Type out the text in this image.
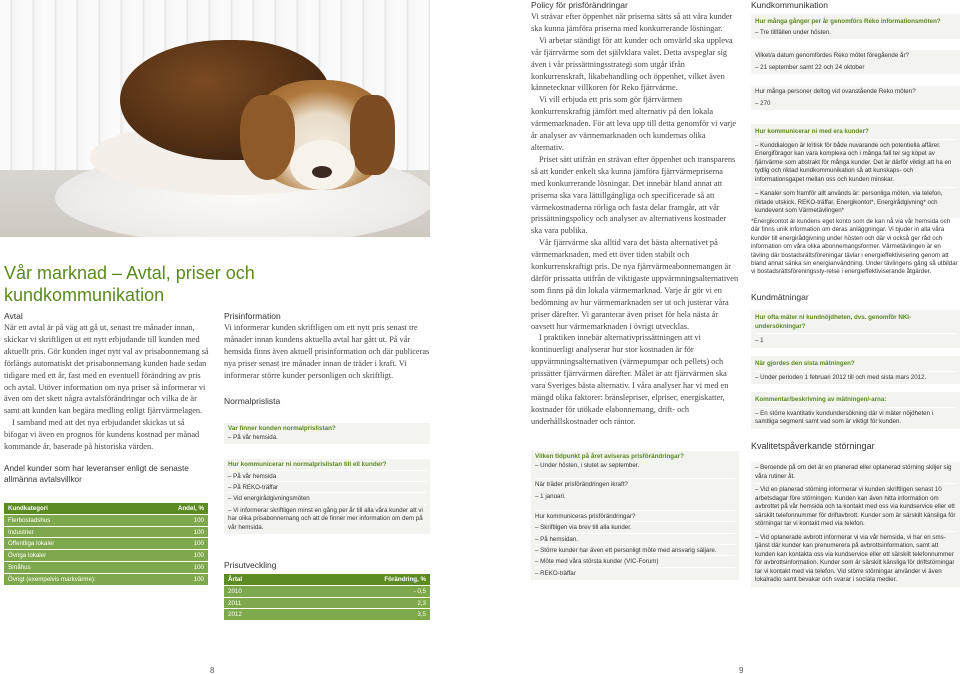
Vår marknad – Avtal, priser och kundkommunikation
Avtal
När ett avtal är på väg att gå ut, senast tre månader innan, skickar vi skriftligen ut ett nytt erbjudande till kunden med aktuellt pris. Gör kunden inget nytt val av prisabonnemang så förlängs automatiskt det prisabonnemang kunden hade sedan tidigare med ett år, fast med en eventuell förändring av pris och avtal. Utöver information om nya priser så informerar vi även om det skett några avtalsförändringar och vilka de är samt att kunden kan begära medling enligt fjärrvärmelagen.
I samband med att det nya erbjudandet skickas ut så bifogar vi även en prognos för kundens kostnad per månad kommande år, baserade på historiska värden.
Andel kunder som har leveranser enligt de senaste allmänna avtalsvillkor
Kundkategori	Andel, %
Flerbostadshus	100
Industrier	100
Offentliga lokaler	100
Övriga lokaler	100
Småhus	100
Övrigt (exempelvis markvärme):	100
Prisinformation
Vi informerar kunden skriftligen om ett nytt pris senast tre månader innan kundens aktuella avtal har gått ut. På vår hemsida finns även aktuell prisinformation och där publiceras nya priser senast tre månader innan de träder i kraft. Vi informerar större kunder personligen och skriftligt.
Normalprislista
Var finner kunden normalprislistan?
– På vår hemsida.
Hur kommunicerar ni normalprislistan till ell kunder?
– På vår hemsida
– På REKO-träffar
– Vid energirådgivningsmöten
– Vi informerar skriftligen minst en gång per år till alla våra kunder att vi har olika prisabonnemang och att de finner mer information om dem på vår hemsida.
Prisutveckling
Årtal	Förändring, %
2010	- 0,5
2011	2,3
2012	3,5
8
Policy för prisförändringar
Vi strävar efter öppenhet när priserna sätts så att våra kunder ska kunna jämföra priserna med konkurrerande lösningar.
Vi arbetar ständigt för att kunder och omvärld ska uppleva vår fjärrvärme som det självklara valet. Detta avspeglar sig även i vår prissättningsstrategi som utgår ifrån konkurrenskraft, likabehandling och öppenhet, vilket även kännetecknar villkoren för Reko fjärrvärme.
Vi vill erbjuda ett pris som gör fjärrvärmen konkurrenskraftig jämfört med alternativ på den lokala värmemarknaden. För att leva upp till detta genomför vi varje år analyser av värmemarknaden och kundernas olika alternativ.
Priset sätt utifrån en strävan efter öppenhet och transparens så att kunder enkelt ska kunna jämföra fjärrvärmepriserna med konkurrerande lösningar. Det innebär bland annat att priserna ska vara lättillgängliga och specificerade så att värmekostnaderna rörliga och fasta delar framgår, att vår prissättningspolicy och analyser av alternativens kostnader ska vara publika.
Vår fjärrvärme ska alltid vara det bästa alternativet på värmemarknaden, med ett över tiden stabilt och konkurrenskraftigt pris. De nya fjärrvärmeabonnemangen är därför prissatta utifrån de viktigaste uppvärmningsalternativen som finns på din lokala värmemarknad. Varje år gör vi en bedömning av hur värmemarknaden ser ut och justerar våra priser därefter. Vi garanterar även priset för hela nästa år oavsett hur värmemarknaden i övrigt utvecklas.
I praktiken innebär alternativprissättningen att vi kontinuerligt analyserar hur stor kostnaden är för uppvärmningsalternativen (värmepumpar och pellets) och prissätter fjärrvärmen därefter. Målet är att fjärrvärmen ska vara Sveriges bästa alternativ. I våra analyser har vi med en mängd olika faktorer: bränslepriser, elpriser, energiskatter, kostnader för utökade elabonnemang, drift- och underhållskostnader och räntor.
Vilken tidpunkt på året aviseras prisförändringar?
– Under hösten, i slutet av september.
När träder prisförändringen ikraft?
– 1 januari.
Hur kommuniceras prisförändringar?
– Skriftligen via brev till alla kunder.
– På hemsidan.
– Större kunder har även ett personligt möte med ansvarig säljare.
– Möte med våra största kunder (VIC-Forum)
– REKO-träffar
Kundkommunikation
Hur många gånger per år genomförs Reko informationsmöten?
– Tre tillfällen under hösten.
Vilket/a datum genomfördes Reko mötet föregående år?
– 21 september samt 22 och 24 oktober
Hur många personer deltog vid ovanstående Reko möten?
– 270
Hur kommunicerar ni med era kunder?
– Kunddialogen är kritisk för både nuvarande och potentiella affärer. Energiföragor kan vara komplexa och i många fall ter sig köpet av fjärrvärme som abstrakt för många kunder. Det är därför viktigt att ha en tydlig och riktad kundkommunikation så att kunskaps- och informationsgapet mellan oss och kunden minskar.
– Kanaler som framför allt används är: personliga möten, via telefon, riktade utskick, REKO-träffar, Energikontot*, Energirådgivning* och kundevent som Värmetävlingen*
*Energikontot är kundens eget konto som de kan nå via vår hemsida och där finns unik information om deras anläggningar. Vi bjuder in alla våra kunder till energirådgivning under hösten och där vi också ger råd och information om våra olika abonnemangsformer. Värmetävlingen är en tävling där bostadsrättsföreningar tävlar i energieffektivisering genom att bland annat sänka sin energianvändning. Under tävlingens gång så utbildar vi bostadsrättsföreningssty-relse i energieffektiviserande åtgärder.
Kundmätningar
Hur ofta mäter ni kundnöjdheten, dvs. genomför NKI-undersökningar?
– 1
När gjordes den sista mätningen?
– Under perioden 1 februari 2012 till och med sista mars 2012.
Kommentar/beskrivning av mätningen/-arna:
– En större kvantitativ kundundersökning där vi mäter nöjdheten i samtliga segment samt vad som är viktigt för kunden.
Kvalitetspåverkande störningar
– Beroende på om det är en planerad eller oplanerad störning skiljer sig våra rutiner åt.
– Vid en planerad störning informerar vi kunden skriftligen senast 10 arbetsdagar före störningen. Kunden kan även hitta information om avbrottet på vår hemsida och ta kontakt med oss via kundservice eller ett särskilt telefonnummer för driftavbrott. Kunder som är särskilt känsliga för störningar tar vi kontakt med via telefon.
– Vid oplanerade avbrott informerar vi via vår hemsida, vi har en sms-tjänst där kunder kan prenumerera på avbrottsinformation, samt att kunden kan kontakta oss via kundservice eller ett särskilt telefonnummer för avbrottsinformation. Kunder som är särskilt känsliga för driftstörningar tar vi kontakt med via telefon. Vid större störningar använder vi även lokalradio samt bevakar och svarar i sociala medier.
9
